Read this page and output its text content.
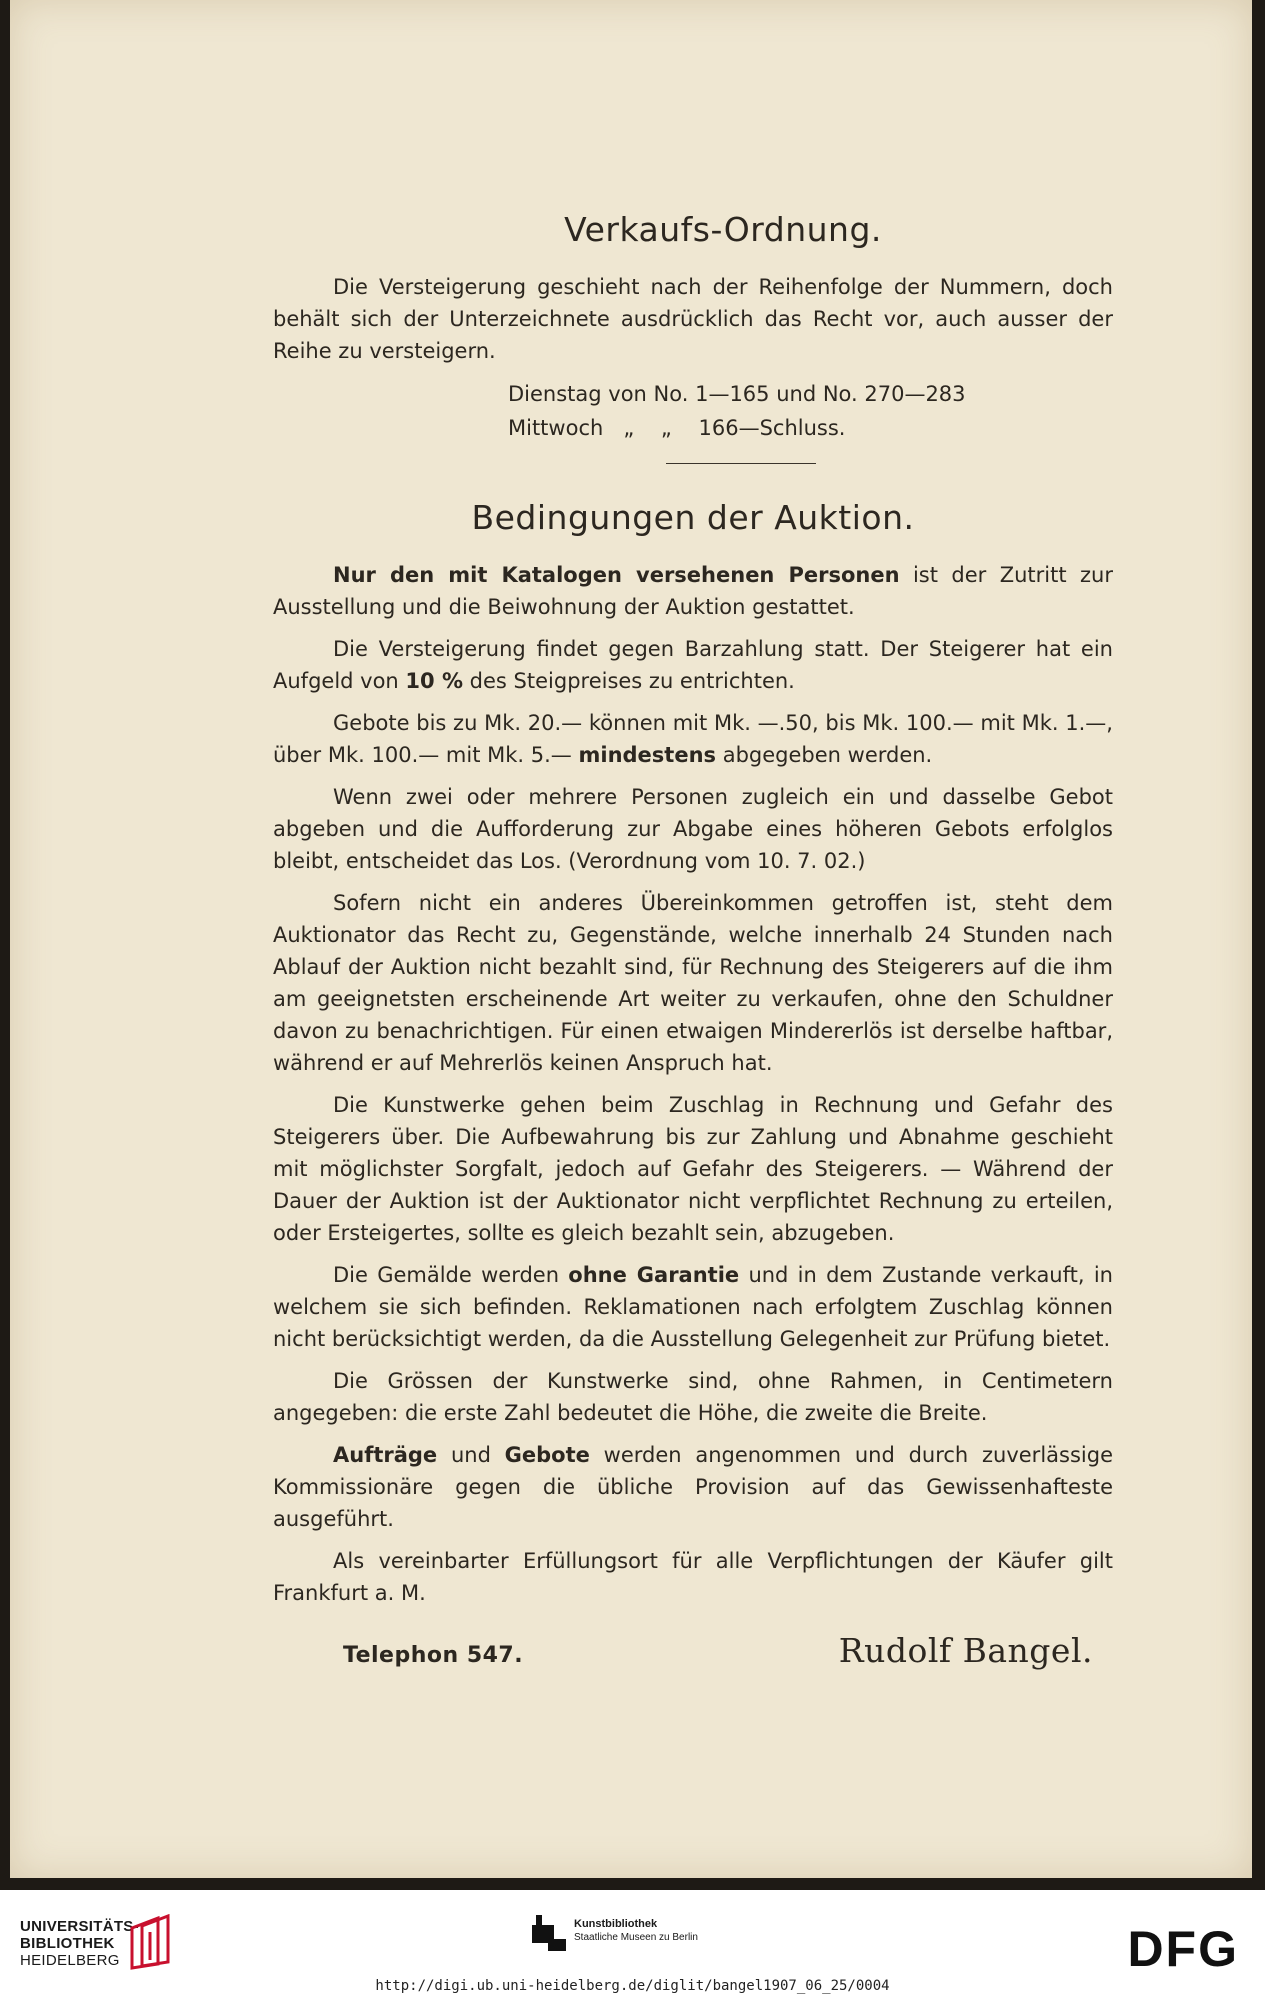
Verkaufs-Ordnung.

Die Versteigerung geschieht nach der Reihenfolge der Nummern, doch behält sich der Unterzeichnete ausdrücklich das Recht vor, auch ausser der Reihe zu versteigern.

Dienstag von No. 1—165 und No. 270—283
Mittwoch   „    „    166—Schluss.
Bedingungen der Auktion.

Nur den mit Katalogen versehenen Personen ist der Zutritt zur Ausstellung und die Beiwohnung der Auktion gestattet.

Die Versteigerung findet gegen Barzahlung statt. Der Steigerer hat ein Aufgeld von 10 % des Steigpreises zu entrichten.

Gebote bis zu Mk. 20.— können mit Mk. —.50, bis Mk. 100.— mit Mk. 1.—, über Mk. 100.— mit Mk. 5.— mindestens abgegeben werden.

Wenn zwei oder mehrere Personen zugleich ein und dasselbe Gebot abgeben und die Aufforderung zur Abgabe eines höheren Gebots erfolglos bleibt, entscheidet das Los. (Verordnung vom 10. 7. 02.)

Sofern nicht ein anderes Übereinkommen getroffen ist, steht dem Auktionator das Recht zu, Gegenstände, welche innerhalb 24 Stunden nach Ablauf der Auktion nicht bezahlt sind, für Rechnung des Steigerers auf die ihm am geeignetsten erscheinende Art weiter zu verkaufen, ohne den Schuldner davon zu benachrichtigen. Für einen etwaigen Mindererlös ist derselbe haftbar, während er auf Mehrerlös keinen Anspruch hat.

Die Kunstwerke gehen beim Zuschlag in Rechnung und Gefahr des Steigerers über. Die Aufbewahrung bis zur Zahlung und Abnahme geschieht mit möglichster Sorgfalt, jedoch auf Gefahr des Steigerers. — Während der Dauer der Auktion ist der Auktionator nicht verpflichtet Rechnung zu erteilen, oder Ersteigertes, sollte es gleich bezahlt sein, abzugeben.

Die Gemälde werden ohne Garantie und in dem Zustande verkauft, in welchem sie sich befinden. Reklamationen nach erfolgtem Zuschlag können nicht berücksichtigt werden, da die Ausstellung Gelegenheit zur Prüfung bietet.

Die Grössen der Kunstwerke sind, ohne Rahmen, in Centimetern angegeben: die erste Zahl bedeutet die Höhe, die zweite die Breite.

Aufträge und Gebote werden angenommen und durch zuverlässige Kommissionäre gegen die übliche Provision auf das Gewissenhafteste ausgeführt.

Als vereinbarter Erfüllungsort für alle Verpflichtungen der Käufer gilt Frankfurt a. M.

Telephon 547.	Rudolf Bangel.
UNIVERSITÄTS-
BIBLIOTHEK
HEIDELBERG
Kunstbibliothek
Staatliche Museen zu Berlin	DFG
http://digi.ub.uni-heidelberg.de/diglit/bangel1907_06_25/0004
